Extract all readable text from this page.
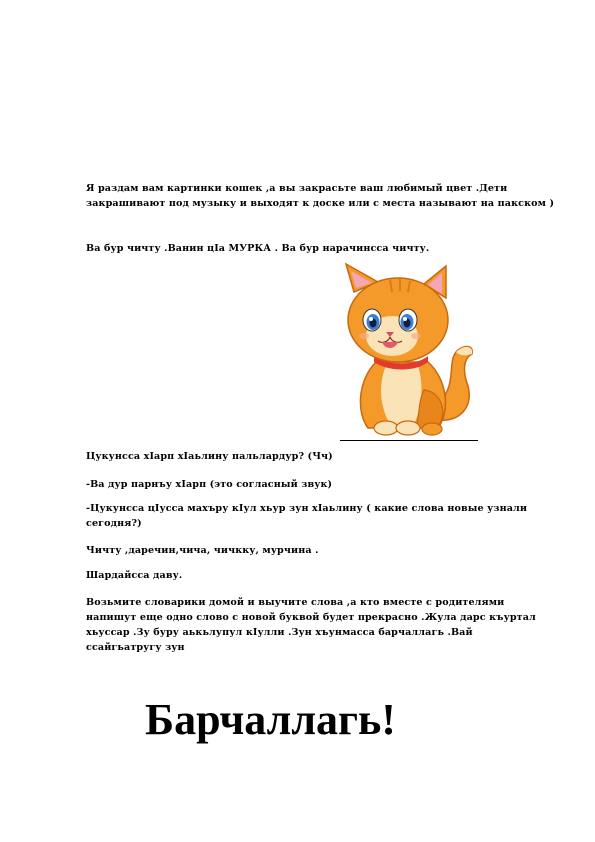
Я раздам вам картинки кошек ,а вы закрасьте ваш любимый цвет .Дети закрашивают под музыку и выходят к доске или с места называют на пакском )

Ва бур чичту .Ванин цӀа МУРКА . Ва бур нарачинсса чичту.

Цукунсса хӀарп хӀаьлину пальлардур? (Чч)

-Ва дур парнъу хӀарп (это согласный звук)

-Цукунсса цӀусса махъру кӀул хьур зун хӀаьлину ( какие слова новые узнали сегодня?)

Чичту ,даречин,чича, чичкку, мурчина .

Шардайсса даву.

Возьмите словарики домой и выучите слова ,а кто вместе с родителями напишут еще одно слово с новой буквой будет прекрасно .Жула дарс къуртал хьуссар .Зу буру аькьлупул кӀулли .Зун хъунмасса барчаллагь .Вай ссайгьатругу зун

Барчаллагь!
